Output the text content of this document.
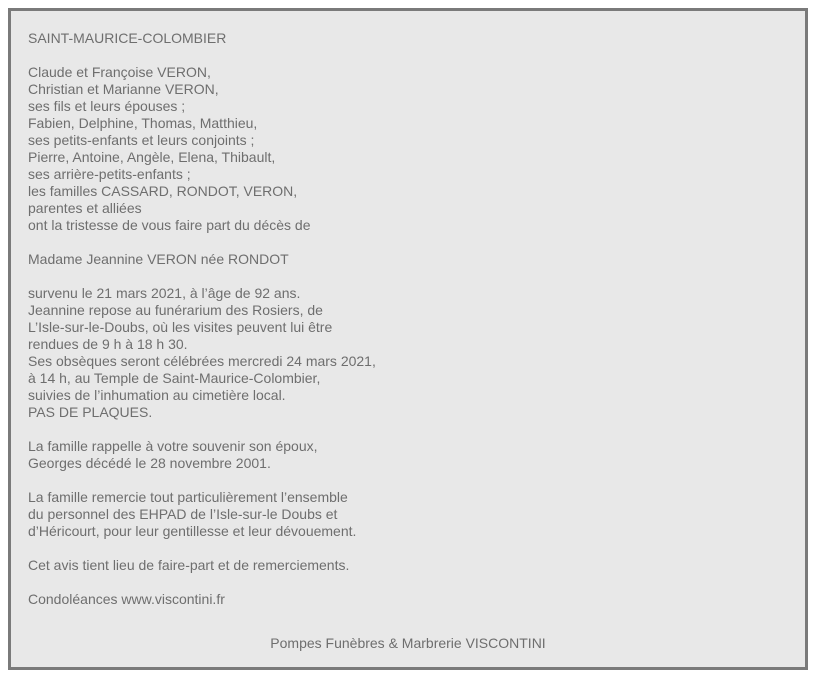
SAINT-MAURICE-COLOMBIER
Claude et Françoise VERON,
Christian et Marianne VERON,
ses fils et leurs épouses ;
Fabien, Delphine, Thomas, Matthieu,
ses petits-enfants et leurs conjoints ;
Pierre, Antoine, Angèle, Elena, Thibault,
ses arrière-petits-enfants ;
les familles CASSARD, RONDOT, VERON,
parentes et alliées
ont la tristesse de vous faire part du décès de
Madame Jeannine VERON née RONDOT
survenu le 21 mars 2021, à l’âge de 92 ans.
Jeannine repose au funérarium des Rosiers, de
L’Isle-sur-le-Doubs, où les visites peuvent lui être
rendues de 9 h à 18 h 30.
Ses obsèques seront célébrées mercredi 24 mars 2021,
à 14 h, au Temple de Saint-Maurice-Colombier,
suivies de l’inhumation au cimetière local.
PAS DE PLAQUES.
La famille rappelle à votre souvenir son époux,
Georges décédé le 28 novembre 2001.
La famille remercie tout particulièrement l’ensemble
du personnel des EHPAD de l’Isle-sur-le Doubs et
d’Héricourt, pour leur gentillesse et leur dévouement.
Cet avis tient lieu de faire-part et de remerciements.
Condoléances www.viscontini.fr
Pompes Funèbres & Marbrerie VISCONTINI
